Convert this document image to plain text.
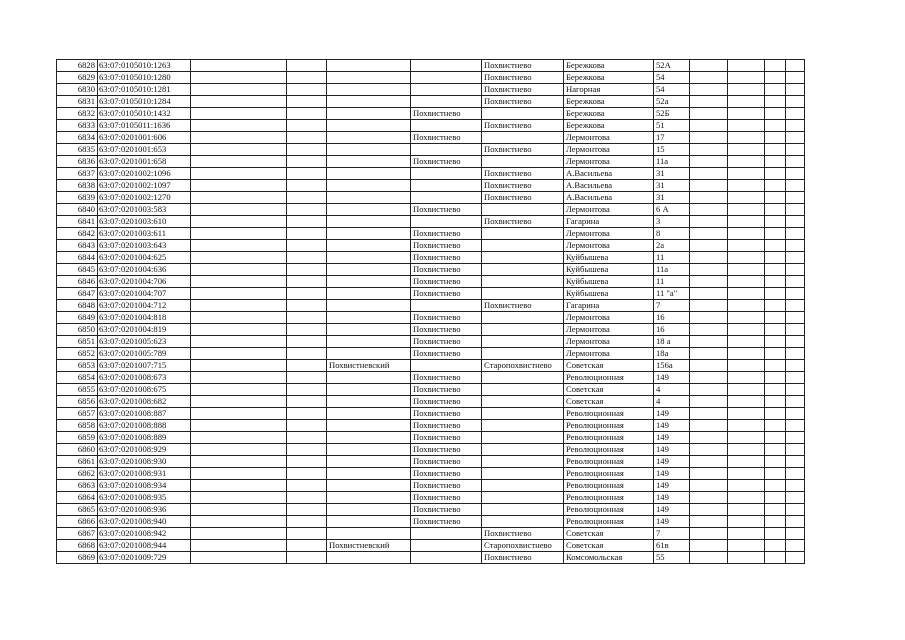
6828	63:07:0105010:1263					Похвистнево	Бережкова	52А				
6829	63:07:0105010:1280					Похвистнево	Бережкова	54				
6830	63:07:0105010:1281					Похвистнево	Нагорная	54				
6831	63:07:0105010:1284					Похвистнево	Бережкова	52а				
6832	63:07:0105010:1432				Похвистнево		Бережкова	52Б				
6833	63:07:0105011:1636					Похвистнево	Бережкова	51				
6834	63:07:0201001:606				Похвистнево		Лермонтова	17				
6835	63:07:0201001:653					Похвистнево	Лермонтова	15				
6836	63:07:0201001:658				Похвистнево		Лермонтова	11а				
6837	63:07:0201002:1096					Похвистнево	А.Васильева	31				
6838	63:07:0201002:1097					Похвистнево	А.Васильева	31				
6839	63:07:0201002:1270					Похвистнево	А.Васильева	31				
6840	63:07:0201003:583				Похвистнево		Лермонтова	6 А				
6841	63:07:0201003:610					Похвистнево	Гагарина	3				
6842	63:07:0201003:611				Похвистнево		Лермонтова	8				
6843	63:07:0201003:643				Похвистнево		Лермонтова	2а				
6844	63:07:0201004:625				Похвистнево		Куйбышева	11				
6845	63:07:0201004:636				Похвистнево		Куйбышева	11а				
6846	63:07:0201004:706				Похвистнево		Куйбышева	11				
6847	63:07:0201004:707				Похвистнево		Куйбышева	11 "а"				
6848	63:07:0201004:712					Похвистнево	Гагарина	7				
6849	63:07:0201004:818				Похвистнево		Лермонтова	16				
6850	63:07:0201004:819				Похвистнево		Лермонтова	16				
6851	63:07:0201005:623				Похвистнево		Лермонтова	18 а				
6852	63:07:0201005:789				Похвистнево		Лермонтова	18а				
6853	63:07:0201007:715			Похвистневский		Старопохвистнево	Советская	156а				
6854	63:07:0201008:673				Похвистнево		Революционная	149				
6855	63:07:0201008:675				Похвистнево		Советская	4				
6856	63:07:0201008:682				Похвистнево		Советская	4				
6857	63:07:0201008:887				Похвистнево		Революционная	149				
6858	63:07:0201008:888				Похвистнево		Революционная	149				
6859	63:07:0201008:889				Похвистнево		Революционная	149				
6860	63:07:0201008:929				Похвистнево		Революционная	149				
6861	63:07:0201008:930				Похвистнево		Революционная	149				
6862	63:07:0201008:931				Похвистнево		Революционная	149				
6863	63:07:0201008:934				Похвистнево		Революционная	149				
6864	63:07:0201008:935				Похвистнево		Революционная	149				
6865	63:07:0201008:936				Похвистнево		Революционная	149				
6866	63:07:0201008:940				Похвистнево		Революционная	149				
6867	63:07:0201008:942					Похвистнево	Советская	7				
6868	63:07:0201008:944			Похвистневский		Старопохвистнево	Советская	61в				
6869	63:07:0201009:729					Похвистнево	Комсомольская	55				
